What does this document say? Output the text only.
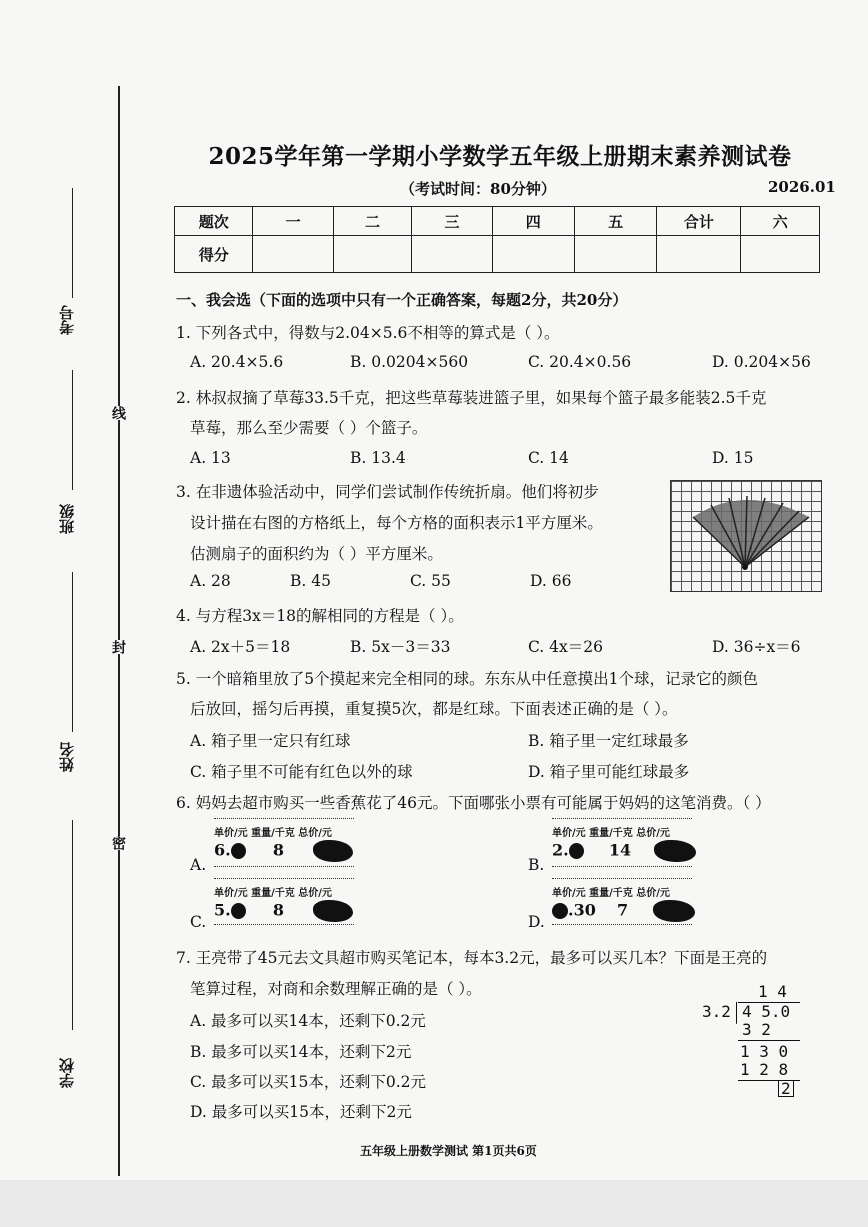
考号
班级
姓名
学校
线
封
密
2025学年第一学期小学数学五年级上册期末素养测试卷
（考试时间：80分钟）	2026.01
题次	一	二	三	四	五	合计	六
得分							
一、我会选（下面的选项中只有一个正确答案，每题2分，共20分）
1. 下列各式中，得数与2.04×5.6不相等的算式是（ ）。
A. 20.4×5.6	B. 0.0204×560	C. 20.4×0.56	D. 0.204×56
2. 林叔叔摘了草莓33.5千克，把这些草莓装进篮子里，如果每个篮子最多能装2.5千克
草莓，那么至少需要（ ）个篮子。
A. 13	B. 13.4	C. 14	D. 15
3. 在非遗体验活动中，同学们尝试制作传统折扇。他们将初步
设计描在右图的方格纸上，每个方格的面积表示1平方厘米。
估测扇子的面积约为（ ）平方厘米。
A. 28	B. 45	C. 55	D. 66
4. 与方程3x＝18的解相同的方程是（ ）。
A. 2x＋5＝18	B. 5x－3＝33	C. 4x＝26	D. 36÷x＝6
5. 一个暗箱里放了5个摸起来完全相同的球。东东从中任意摸出1个球，记录它的颜色
后放回，摇匀后再摸，重复摸5次，都是红球。下面表述正确的是（ ）。
A. 箱子里一定只有红球	B. 箱子里一定红球最多
C. 箱子里不可能有红色以外的球	D. 箱子里可能红球最多
6. 妈妈去超市购买一些香蕉花了46元。下面哪张小票有可能属于妈妈的这笔消费。（ ）
A.
单价/元 重量/千克 总价/元
6.	8
B.
单价/元 重量/千克 总价/元
2.	14
C.
单价/元 重量/千克 总价/元
5.	8
D.
单价/元 重量/千克 总价/元
.30 7
7. 王亮带了45元去文具超市购买笔记本，每本3.2元，最多可以买几本？下面是王亮的
笔算过程，对商和余数理解正确的是（ ）。
A. 最多可以买14本，还剩下0.2元
B. 最多可以买14本，还剩下2元
C. 最多可以买15本，还剩下0.2元
D. 最多可以买15本，还剩下2元
1 4
3.2 4 5.0
3 2
1 3 0
1 2 8
2
五年级上册数学测试 第1页共6页
